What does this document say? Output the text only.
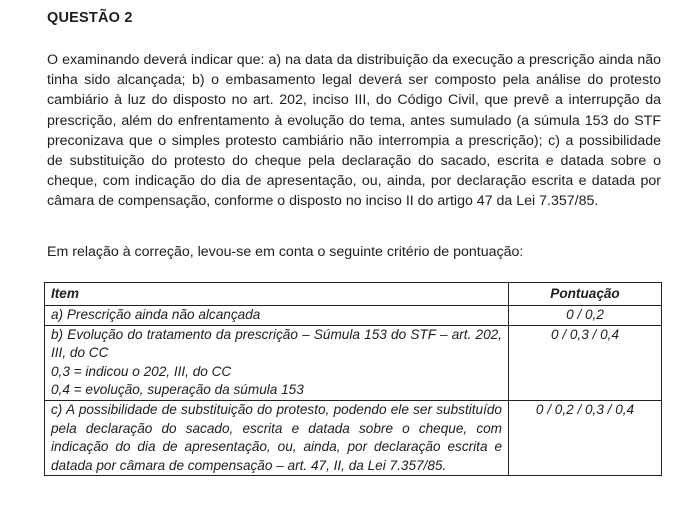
QUESTÃO 2

O examinando deverá indicar que: a) na data da distribuição da execução a prescrição ainda não tinha sido alcançada; b) o embasamento legal deverá ser composto pela análise do protesto cambiário à luz do disposto no art. 202, inciso III, do Código Civil, que prevê a interrupção da prescrição, além do enfrentamento à evolução do tema, antes sumulado (a súmula 153 do STF preconizava que o simples protesto cambiário não interrompia a prescrição); c) a possibilidade de substituição do protesto do cheque pela declaração do sacado, escrita e datada sobre o cheque, com indicação do dia de apresentação, ou, ainda, por declaração escrita e datada por câmara de compensação, conforme o disposto no inciso II do artigo 47 da Lei 7.357/85.

Em relação à correção, levou-se em conta o seguinte critério de pontuação:

Item	Pontuação

a) Prescrição ainda não alcançada	0 / 0,2

b) Evolução do tratamento da prescrição – Súmula 153 do STF – art. 202, III, do CC
0,3 = indicou o 202, III, do CC
0,4 = evolução, superação da súmula 153	0 / 0,3 / 0,4

c) A possibilidade de substituição do protesto, podendo ele ser substituído pela declaração do sacado, escrita e datada sobre o cheque, com indicação do dia de apresentação, ou, ainda, por declaração escrita e datada por câmara de compensação – art. 47, II, da Lei 7.357/85.	0 / 0,2 / 0,3 / 0,4
